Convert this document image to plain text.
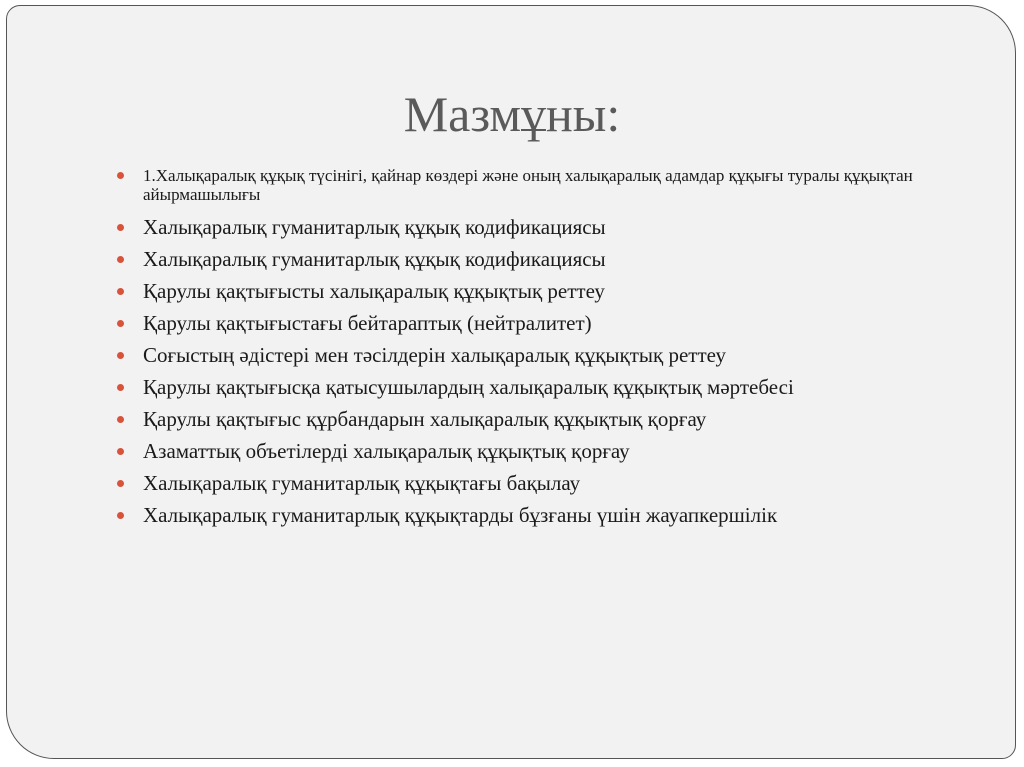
Мазмұны:
1.Халықаралық құқық түсінігі, қайнар көздері және оның халықаралық адамдар құқығы туралы құқықтан айырмашылығы
Халықаралық гуманитарлық құқық кодификациясы
Халықаралық гуманитарлық құқық кодификациясы
Қарулы қақтығысты халықаралық құқықтық реттеу
Қарулы қақтығыстағы бейтараптық (нейтралитет)
Соғыстың әдістері мен тәсілдерін халықаралық құқықтық реттеу
Қарулы қақтығысқа қатысушылардың халықаралық құқықтық мәртебесі
Қарулы қақтығыс құрбандарын халықаралық құқықтық қорғау
Азаматтық объетілерді халықаралық құқықтық қорғау
Халықаралық гуманитарлық құқықтағы бақылау
Халықаралық гуманитарлық құқықтарды бұзғаны үшін жауапкершілік
